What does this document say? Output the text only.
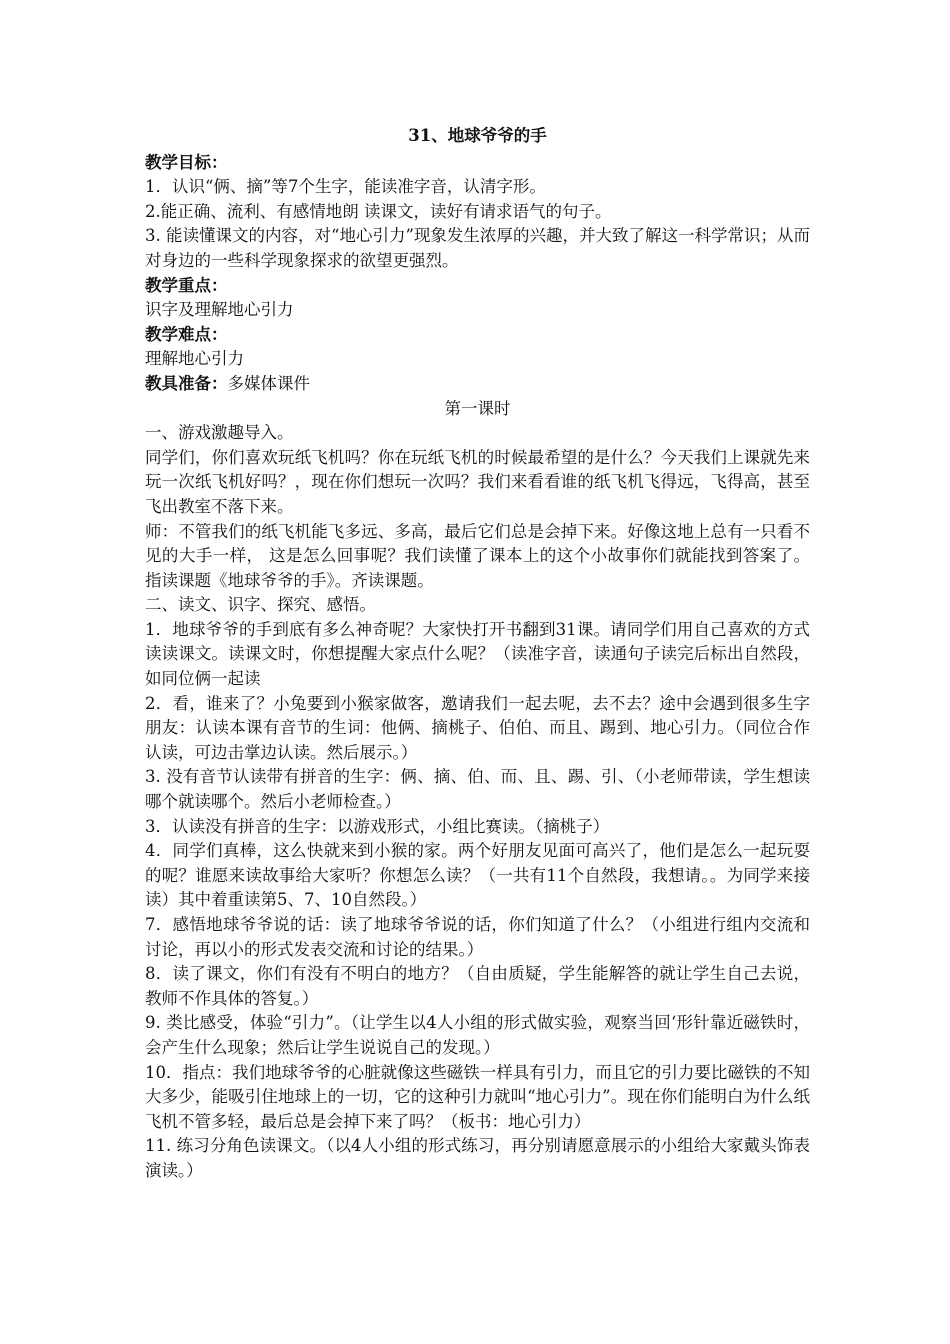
31、地球爷爷的手

教学目标：

1．认识“俩、摘”等7个生字，能读准字音，认清字形。

2.能正确、流利、有感情地朗 读课文，读好有请求语气的句子。

3. 能读懂课文的内容，对“地心引力”现象发生浓厚的兴趣，并大致了解这一科学常识；从而对身边的一些科学现象探求的欲望更强烈。

教学重点：

识字及理解地心引力

教学难点：

理解地心引力

教具准备：多媒体课件

第一课时

一、游戏激趣导入。

同学们，你们喜欢玩纸飞机吗？你在玩纸飞机的时候最希望的是什么？今天我们上课就先来玩一次纸飞机好吗？，现在你们想玩一次吗？我们来看看谁的纸飞机飞得远，飞得高，甚至飞出教室不落下来。

师：不管我们的纸飞机能飞多远、多高，最后它们总是会掉下来。好像这地上总有一只看不见的大手一样， 这是怎么回事呢？我们读懂了课本上的这个小故事你们就能找到答案了。指读课题《地球爷爷的手》。齐读课题。

二、读文、识字、探究、感悟。

1．地球爷爷的手到底有多么神奇呢？大家快打开书翻到31课。请同学们用自己喜欢的方式读读课文。读课文时，你想提醒大家点什么呢？（读准字音，读通句子读完后标出自然段，如同位俩一起读

2．看，谁来了？小兔要到小猴家做客，邀请我们一起去呢，去不去？途中会遇到很多生字朋友：认读本课有音节的生词：他俩、摘桃子、伯伯、而且、踢到、地心引力。（同位合作认读，可边击掌边认读。然后展示。）

3. 没有音节认读带有拼音的生字：俩、摘、伯、而、且、踢、引、（小老师带读，学生想读哪个就读哪个。然后小老师检查。）

3．认读没有拼音的生字：以游戏形式，小组比赛读。（摘桃子）

4．同学们真棒，这么快就来到小猴的家。两个好朋友见面可高兴了，他们是怎么一起玩耍的呢？谁愿来读故事给大家听？你想怎么读？（一共有11个自然段，我想请。。为同学来接读）其中着重读第5、7、10自然段。）

7．感悟地球爷爷说的话：读了地球爷爷说的话，你们知道了什么？（小组进行组内交流和讨论，再以小的形式发表交流和讨论的结果。）

8．读了课文，你们有没有不明白的地方？（自由质疑，学生能解答的就让学生自己去说，教师不作具体的答复。）

9. 类比感受，体验“引力”。（让学生以4人小组的形式做实验，观察当回‘形针靠近磁铁时，会产生什么现象；然后让学生说说自己的发现。）

10．指点：我们地球爷爷的心脏就像这些磁铁一样具有引力，而且它的引力要比磁铁的不知大多少，能吸引住地球上的一切，它的这种引力就叫“地心引力”。现在你们能明白为什么纸飞机不管多轻，最后总是会掉下来了吗？（板书：地心引力）

11. 练习分角色读课文。（以4人小组的形式练习，再分别请愿意展示的小组给大家戴头饰表演读。）
